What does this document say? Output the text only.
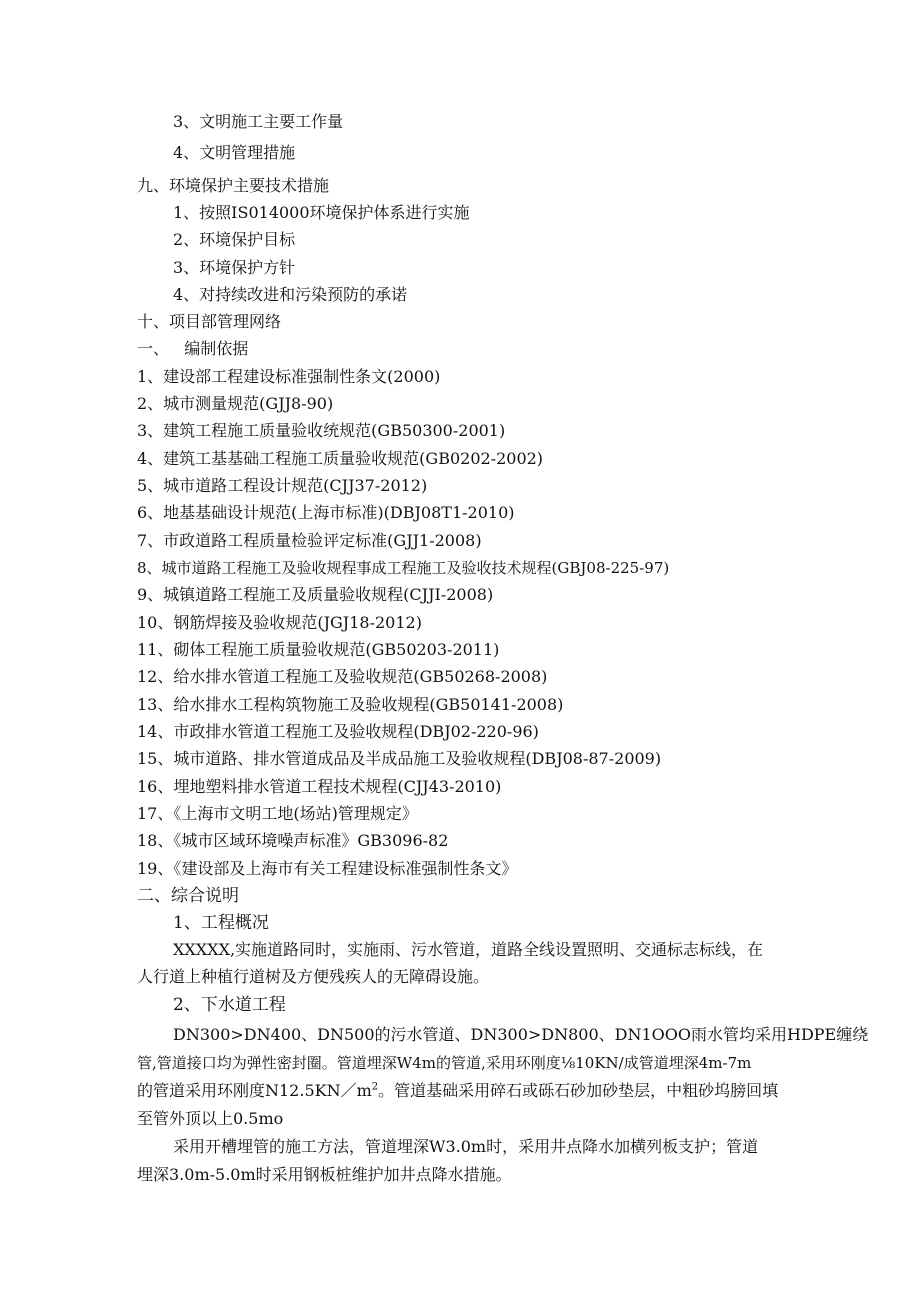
3、文明施工主要工作量

4、文明管理措施

九、环境保护主要技术措施

1、按照IS014000环境保护体系进行实施

2、环境保护目标

3、环境保护方针

4、对持续改进和污染预防的承诺

十、项目部管理网络

一、   编制依据

1、建设部工程建设标准强制性条文(2000)

2、城市测量规范(GJJ8-90)

3、建筑工程施工质量验收统规范(GB50300-2001)

4、建筑工基基础工程施工质量验收规范(GB0202-2002)

5、城市道路工程设计规范(CJJ37-2012)

6、地基基础设计规范(上海市标准)(DBJ08T1-2010)

7、市政道路工程质量检验评定标准(GJJ1-2008)

8、城市道路工程施工及验收规程事成工程施工及验收技术规程(GBJ08-225-97)

9、城镇道路工程施工及质量验收规程(CJJI-2008)

10、钢筋焊接及验收规范(JGJ18-2012)

11、砌体工程施工质量验收规范(GB50203-2011)

12、给水排水管道工程施工及验收规范(GB50268-2008)

13、给水排水工程构筑物施工及验收规程(GB50141-2008)

14、市政排水管道工程施工及验收规程(DBJ02-220-96)

15、城市道路、排水管道成品及半成品施工及验收规程(DBJ08-87-2009)

16、埋地塑料排水管道工程技术规程(CJJ43-2010)

17、《上海市文明工地(场站)管理规定》

18、《城市区域环境噪声标准》GB3096-82

19、《建设部及上海市有关工程建设标准强制性条文》

二、综合说明

1、工程概况

XXXXX,实施道路同时，实施雨、污水管道，道路全线设置照明、交通标志标线，在

人行道上种植行道树及方便残疾人的无障碍设施。

2、下水道工程

DN300>DN400、DN500的污水管道、DN300>DN800、DN1OOO雨水管均采用HDPE缠绕

管,管道接口均为弹性密封圈。管道埋深W4m的管道,采用环刚度⅛10KN/成管道埋深4m-7m

的管道采用环刚度$N12.5KN/m^2$。管道基础采用碎石或砾石砂加砂垫层，中粗砂坞膀回填

至管外顶以上0.5mo

采用开槽埋管的施工方法，管道埋深W3.0m时，采用井点降水加横列板支护；管道

埋深3.0m-5.0m时采用钢板桩维护加井点降水措施。
